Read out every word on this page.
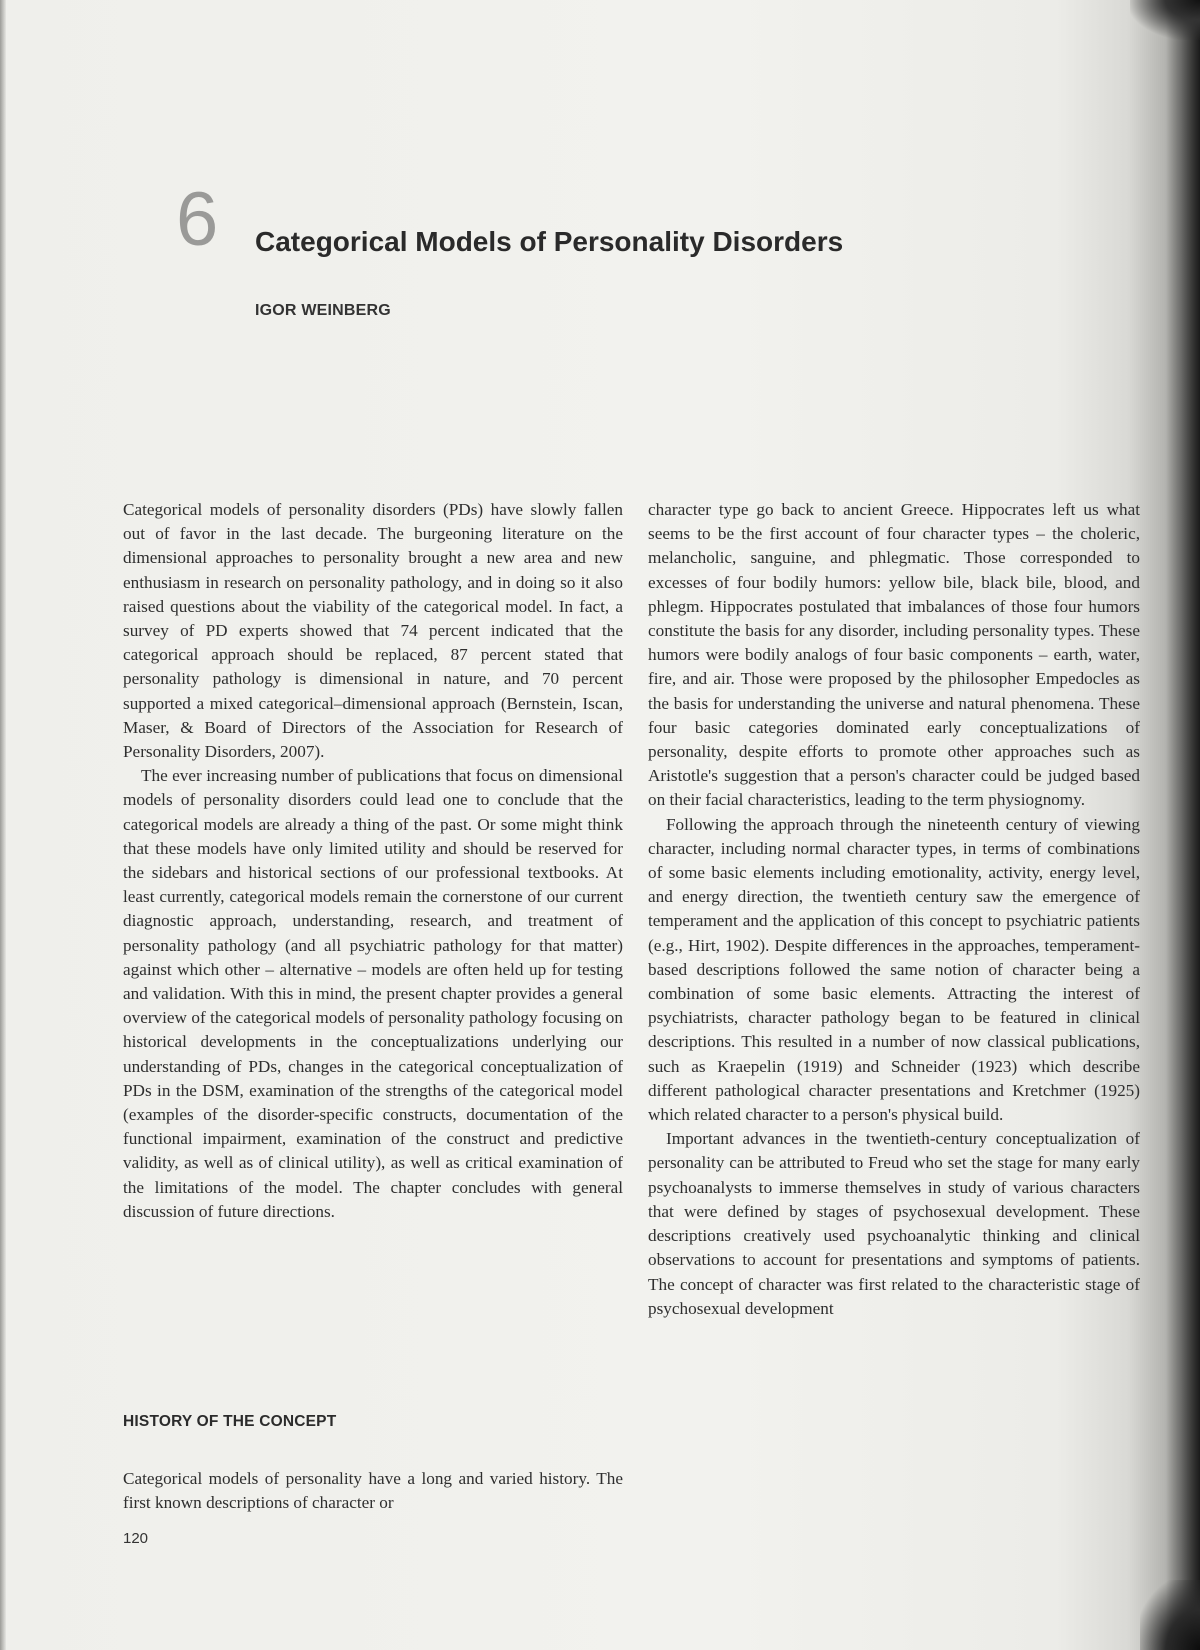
6 Categorical Models of Personality Disorders
IGOR WEINBERG

Categorical models of personality disorders (PDs) have slowly fallen out of favor in the last decade. The burgeoning literature on the dimensional approaches to personality brought a new area and new enthusiasm in research on personality pathology, and in doing so it also raised questions about the viability of the categorical model. In fact, a survey of PD experts showed that 74 percent indicated that the categorical approach should be replaced, 87 percent stated that personality pathology is dimensional in nature, and 70 percent supported a mixed categorical–dimensional approach (Bernstein, Iscan, Maser, & Board of Directors of the Association for Research of Personality Disorders, 2007).

The ever increasing number of publications that focus on dimensional models of personality disorders could lead one to conclude that the categorical models are already a thing of the past. Or some might think that these models have only limited utility and should be reserved for the sidebars and historical sections of our professional textbooks. At least currently, categorical models remain the cornerstone of our current diagnostic approach, understanding, research, and treatment of personality pathology (and all psychiatric pathology for that matter) against which other – alternative – models are often held up for testing and validation. With this in mind, the present chapter provides a general overview of the categorical models of personality pathology focusing on historical developments in the conceptualizations underlying our understanding of PDs, changes in the categorical conceptualization of PDs in the DSM, examination of the strengths of the categorical model (examples of the disorder-specific constructs, documentation of the functional impairment, examination of the construct and predictive validity, as well as of clinical utility), as well as critical examination of the limitations of the model. The chapter concludes with general discussion of future directions.

HISTORY OF THE CONCEPT

Categorical models of personality have a long and varied history. The first known descriptions of character or

character type go back to ancient Greece. Hippocrates left us what seems to be the first account of four character types – the choleric, melancholic, sanguine, and phlegmatic. Those corresponded to excesses of four bodily humors: yellow bile, black bile, blood, and phlegm. Hippocrates postulated that imbalances of those four humors constitute the basis for any disorder, including personality types. These humors were bodily analogs of four basic components – earth, water, fire, and air. Those were proposed by the philosopher Empedocles as the basis for understanding the universe and natural phenomena. These four basic categories dominated early conceptualizations of personality, despite efforts to promote other approaches such as Aristotle's suggestion that a person's character could be judged based on their facial characteristics, leading to the term physiognomy.

Following the approach through the nineteenth century of viewing character, including normal character types, in terms of combinations of some basic elements including emotionality, activity, energy level, and energy direction, the twentieth century saw the emergence of temperament and the application of this concept to psychiatric patients (e.g., Hirt, 1902). Despite differences in the approaches, temperament-based descriptions followed the same notion of character being a combination of some basic elements. Attracting the interest of psychiatrists, character pathology began to be featured in clinical descriptions. This resulted in a number of now classical publications, such as Kraepelin (1919) and Schneider (1923) which describe different pathological character presentations and Kretchmer (1925) which related character to a person's physical build.

Important advances in the twentieth-century conceptualization of personality can be attributed to Freud who set the stage for many early psychoanalysts to immerse themselves in study of various characters that were defined by stages of psychosexual development. These descriptions creatively used psychoanalytic thinking and clinical observations to account for presentations and symptoms of patients. The concept of character was first related to the characteristic stage of psychosexual development

120
